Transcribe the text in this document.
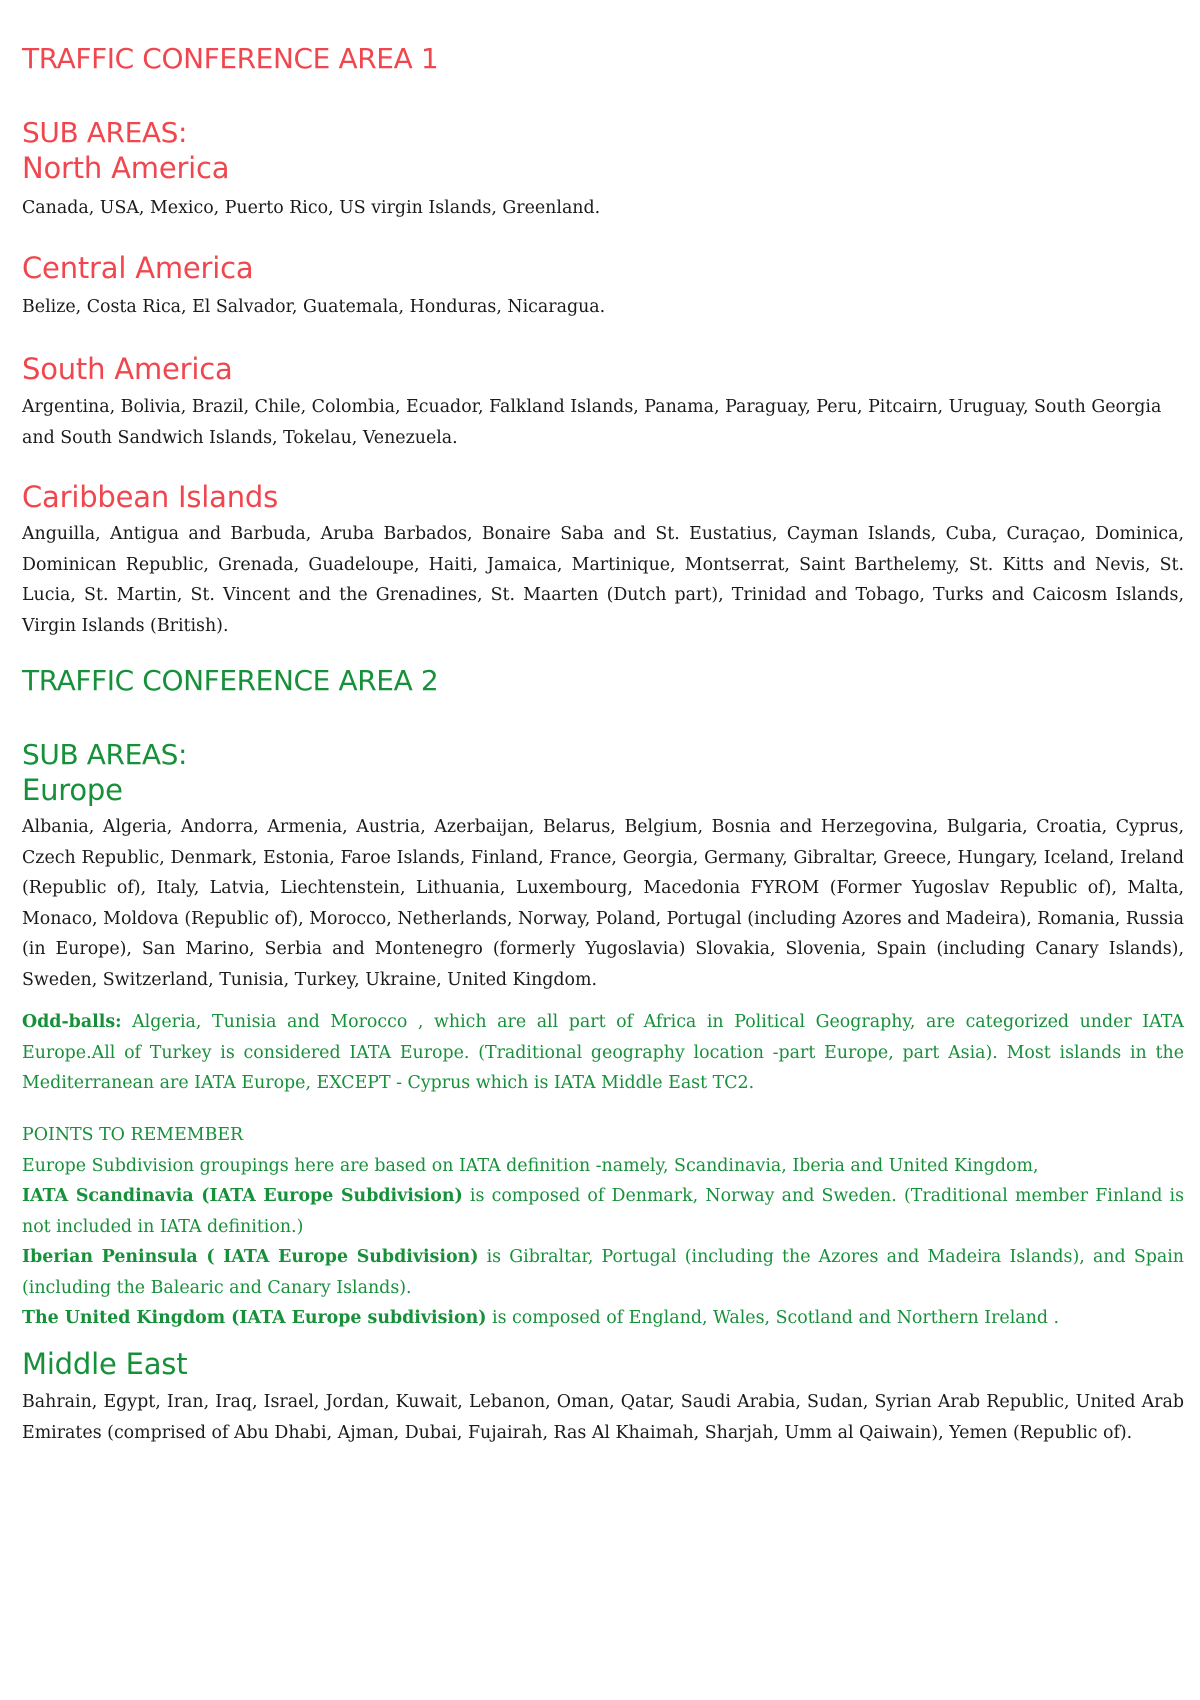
TRAFFIC CONFERENCE AREA 1
SUB AREAS:
North America

Canada, USA, Mexico, Puerto Rico, US virgin Islands, Greenland.

Central America

Belize, Costa Rica, El Salvador, Guatemala, Honduras, Nicaragua.

South America

Argentina, Bolivia, Brazil, Chile, Colombia, Ecuador, Falkland Islands, Panama, Paraguay, Peru, Pitcairn, Uruguay, South Georgia and South Sandwich Islands, Tokelau, Venezuela.

Caribbean Islands

Anguilla, Antigua and Barbuda, Aruba Barbados, Bonaire Saba and St. Eustatius, Cayman Islands, Cuba, Curaçao, Dominica, Dominican Republic, Grenada, Guadeloupe, Haiti, Jamaica, Martinique, Montserrat, Saint Barthelemy, St. Kitts and Nevis, St. Lucia, St. Martin, St. Vincent and the Grenadines, St. Maarten (Dutch part), Trinidad and Tobago, Turks and Caicosm Islands, Virgin Islands (British).

TRAFFIC CONFERENCE AREA 2
SUB AREAS:
Europe

Albania, Algeria, Andorra, Armenia, Austria, Azerbaijan, Belarus, Belgium, Bosnia and Herzegovina, Bulgaria, Croatia, Cyprus, Czech Republic, Denmark, Estonia, Faroe Islands, Finland, France, Georgia, Germany, Gibraltar, Greece, Hungary, Iceland, Ireland (Republic of), Italy, Latvia, Liechtenstein, Lithuania, Luxembourg, Macedonia FYROM (Former Yugoslav Republic of), Malta, Monaco, Moldova (Republic of), Morocco, Netherlands, Norway, Poland, Portugal (including Azores and Madeira), Romania, Russia (in Europe), San Marino, Serbia and Montenegro (formerly Yugoslavia) Slovakia, Slovenia, Spain (including Canary Islands), Sweden, Switzerland, Tunisia, Turkey, Ukraine, United Kingdom.

Odd-balls: Algeria, Tunisia and Morocco , which are all part of Africa in Political Geography, are categorized under IATA Europe.All of Turkey is considered IATA Europe. (Traditional geography location -part Europe, part Asia). Most islands in the Mediterranean are IATA Europe, EXCEPT - Cyprus which is IATA Middle East TC2.

POINTS TO REMEMBER
Europe Subdivision groupings here are based on IATA definition -namely, Scandinavia, Iberia and United Kingdom,
IATA Scandinavia (IATA Europe Subdivision) is composed of Denmark, Norway and Sweden. (Traditional member Finland is not included in IATA definition.)
Iberian Peninsula ( IATA Europe Subdivision) is Gibraltar, Portugal (including the Azores and Madeira Islands), and Spain (including the Balearic and Canary Islands).
The United Kingdom (IATA Europe subdivision) is composed of England, Wales, Scotland and Northern Ireland .
Middle East

Bahrain, Egypt, Iran, Iraq, Israel, Jordan, Kuwait, Lebanon, Oman, Qatar, Saudi Arabia, Sudan, Syrian Arab Republic, United Arab Emirates (comprised of Abu Dhabi, Ajman, Dubai, Fujairah, Ras Al Khaimah, Sharjah, Umm al Qaiwain), Yemen (Republic of).
